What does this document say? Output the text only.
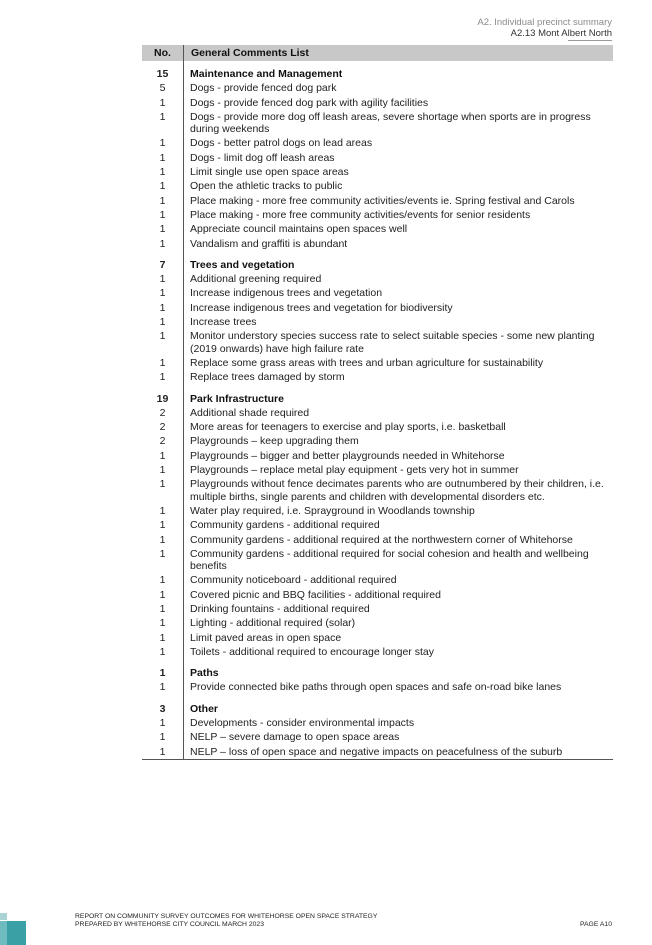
A2. Individual precinct summary
A2.13 Mont Albert North
No.	General Comments List
15	Maintenance and Management
5	Dogs - provide fenced dog park
1	Dogs - provide fenced dog park with agility facilities
1	Dogs - provide more dog off leash areas, severe shortage when sports are in progress during weekends
1	Dogs - better patrol dogs on lead areas
1	Dogs - limit dog off leash areas
1	Limit single use open space areas
1	Open the athletic tracks to public
1	Place making - more free community activities/events ie. Spring festival and Carols
1	Place making - more free community activities/events for senior residents
1	Appreciate council maintains open spaces well
1	Vandalism and graffiti is abundant
7	Trees and vegetation
1	Additional greening required
1	Increase indigenous trees and vegetation
1	Increase indigenous trees and vegetation for biodiversity
1	Increase trees
1	Monitor understory species success rate to select suitable species - some new planting (2019 onwards) have high failure rate
1	Replace some grass areas with trees and urban agriculture for sustainability
1	Replace trees damaged by storm
19	Park Infrastructure
2	Additional shade required
2	More areas for teenagers to exercise and play sports, i.e. basketball
2	Playgrounds – keep upgrading them
1	Playgrounds – bigger and better playgrounds needed in Whitehorse
1	Playgrounds – replace metal play equipment - gets very hot in summer
1	Playgrounds without fence decimates parents who are outnumbered by their children, i.e. multiple births, single parents and children with developmental disorders etc.
1	Water play required, i.e. Sprayground in Woodlands township
1	Community gardens - additional required
1	Community gardens - additional required at the northwestern corner of Whitehorse
1	Community gardens - additional required for social cohesion and health and wellbeing benefits
1	Community noticeboard - additional required
1	Covered picnic and BBQ facilities - additional required
1	Drinking fountains - additional required
1	Lighting - additional required (solar)
1	Limit paved areas in open space
1	Toilets - additional required to encourage longer stay
1	Paths
1	Provide connected bike paths through open spaces and safe on-road bike lanes
3	Other
1	Developments - consider environmental impacts
1	NELP – severe damage to open space areas
1	NELP – loss of open space and negative impacts on peacefulness of the suburb
REPORT ON COMMUNITY SURVEY OUTCOMES FOR WHITEHORSE OPEN SPACE STRATEGY
PREPARED BY WHITEHORSE CITY COUNCIL MARCH 2023	PAGE A10
